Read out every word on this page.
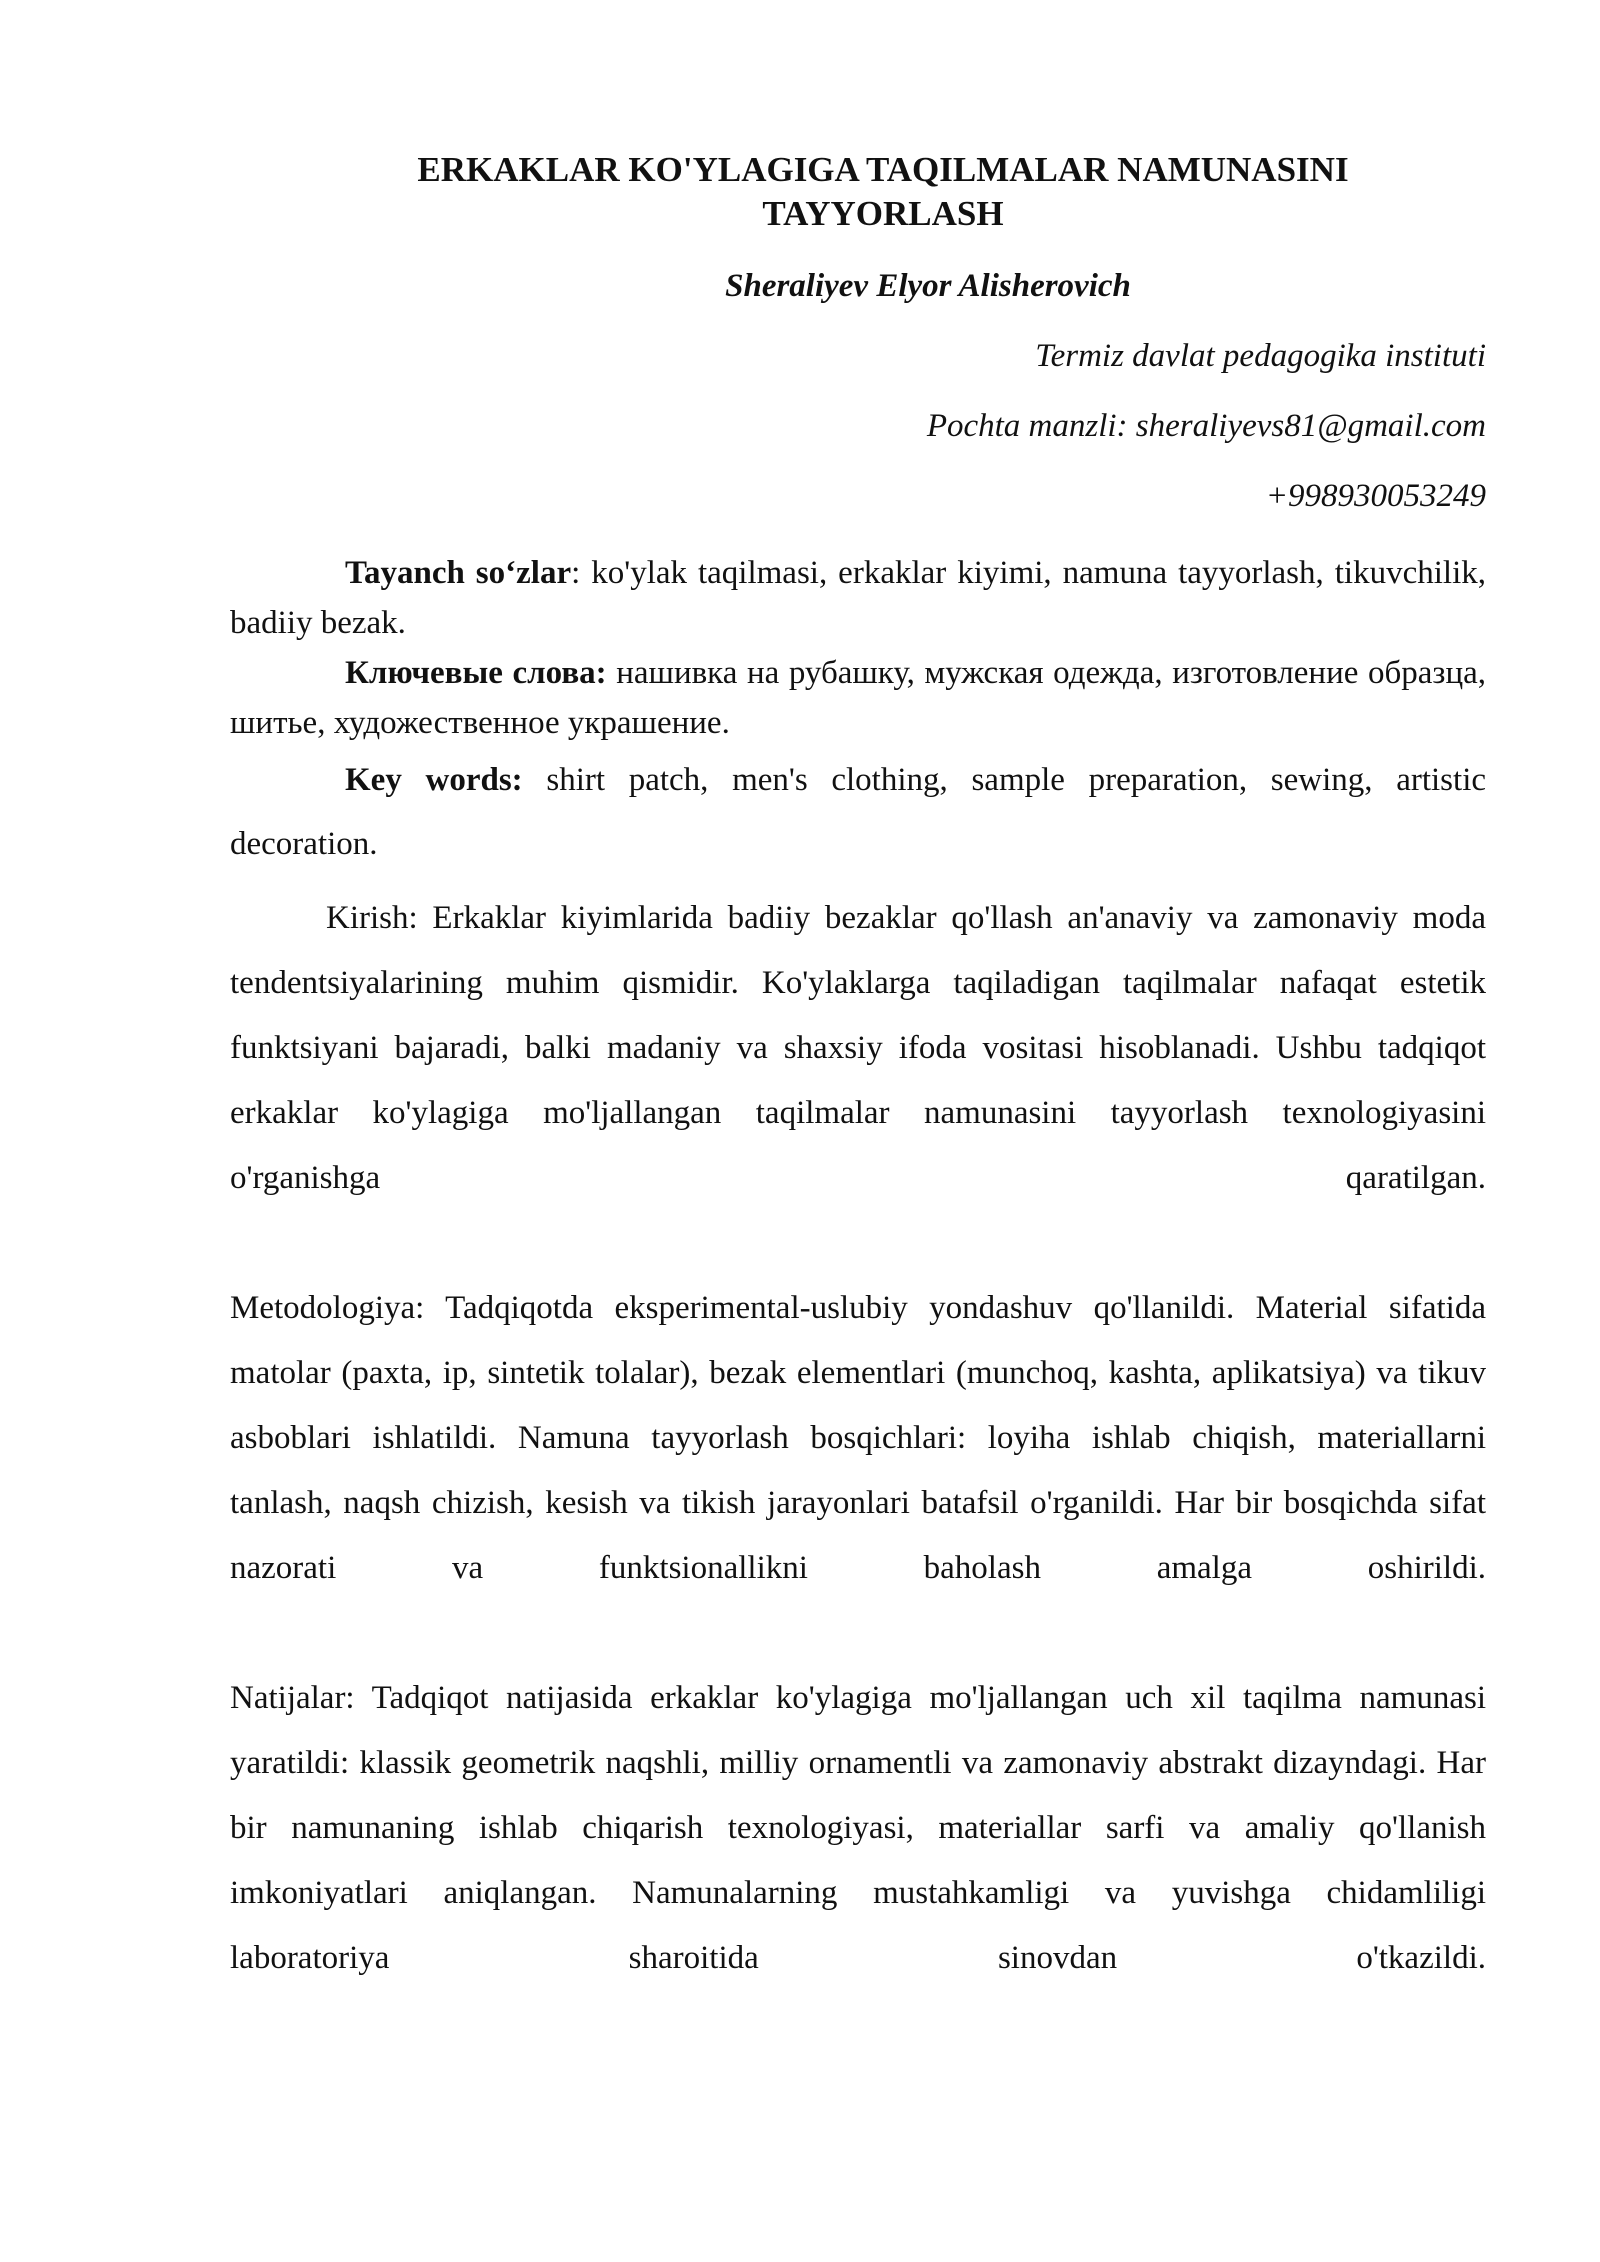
ERKAKLAR KO'YLAGIGA TAQILMALAR NAMUNASINI TAYYORLASH

Sheraliyev Elyor Alisherovich

Termiz davlat pedagogika instituti

Pochta manzli: sheraliyevs81@gmail.com

+998930053249

Tayanch so‘zlar: ko'ylak taqilmasi, erkaklar kiyimi, namuna tayyorlash, tikuvchilik, badiiy bezak.

Ключевые слова: нашивка на рубашку, мужская одежда, изготовление образца, шитье, художественное украшение.

Key words: shirt patch, men's clothing, sample preparation, sewing, artistic decoration.

Kirish: Erkaklar kiyimlarida badiiy bezaklar qo'llash an'anaviy va zamonaviy moda tendentsiyalarining muhim qismidir. Ko'ylaklarga taqiladigan taqilmalar nafaqat estetik funktsiyani bajaradi, balki madaniy va shaxsiy ifoda vositasi hisoblanadi. Ushbu tadqiqot erkaklar ko'ylagiga mo'ljallangan taqilmalar namunasini tayyorlash texnologiyasini o'rganishga qaratilgan.

Metodologiya: Tadqiqotda eksperimental-uslubiy yondashuv qo'llanildi. Material sifatida matolar (paxta, ip, sintetik tolalar), bezak elementlari (munchoq, kashta, aplikatsiya) va tikuv asboblari ishlatildi. Namuna tayyorlash bosqichlari: loyiha ishlab chiqish, materiallarni tanlash, naqsh chizish, kesish va tikish jarayonlari batafsil o'rganildi. Har bir bosqichda sifat nazorati va funktsionallikni baholash amalga oshirildi.

Natijalar: Tadqiqot natijasida erkaklar ko'ylagiga mo'ljallangan uch xil taqilma namunasi yaratildi: klassik geometrik naqshli, milliy ornamentli va zamonaviy abstrakt dizayndagi. Har bir namunaning ishlab chiqarish texnologiyasi, materiallar sarfi va amaliy qo'llanish imkoniyatlari aniqlangan. Namunalarning mustahkamligi va yuvishga chidamliligi laboratoriya sharoitida sinovdan o'tkazildi.
